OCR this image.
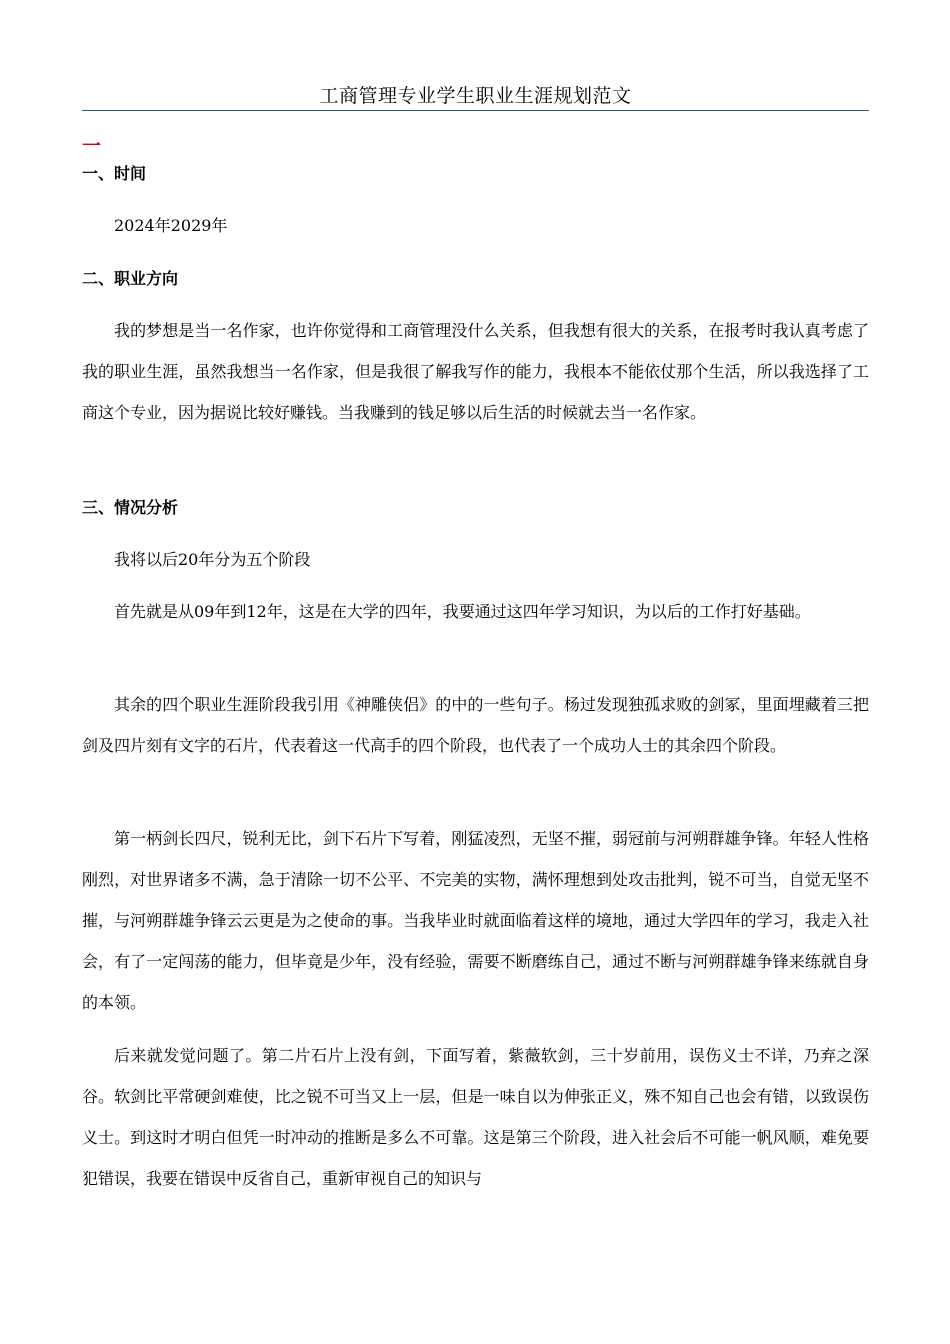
工商管理专业学生职业生涯规划范文
一
一、时间

2024年2029年

二、职业方向

我的梦想是当一名作家，也许你觉得和工商管理没什么关系，但我想有很大的关系，在报考时我认真考虑了我的职业生涯，虽然我想当一名作家，但是我很了解我写作的能力，我根本不能依仗那个生活，所以我选择了工商这个专业，因为据说比较好赚钱。当我赚到的钱足够以后生活的时候就去当一名作家。

三、情况分析

我将以后20年分为五个阶段

首先就是从09年到12年，这是在大学的四年，我要通过这四年学习知识，为以后的工作打好基础。

其余的四个职业生涯阶段我引用《神雕侠侣》的中的一些句子。杨过发现独孤求败的剑冢，里面埋藏着三把剑及四片刻有文字的石片，代表着这一代高手的四个阶段，也代表了一个成功人士的其余四个阶段。

第一柄剑长四尺，锐利无比，剑下石片下写着，刚猛凌烈，无坚不摧，弱冠前与河朔群雄争锋。年轻人性格刚烈，对世界诸多不满，急于清除一切不公平、不完美的实物，满怀理想到处攻击批判，锐不可当，自觉无坚不摧，与河朔群雄争锋云云更是为之使命的事。当我毕业时就面临着这样的境地，通过大学四年的学习，我走入社会，有了一定闯荡的能力，但毕竟是少年，没有经验，需要不断磨练自己，通过不断与河朔群雄争锋来练就自身的本领。

后来就发觉问题了。第二片石片上没有剑，下面写着，紫薇软剑，三十岁前用，误伤义士不详，乃弃之深谷。软剑比平常硬剑难使，比之锐不可当又上一层，但是一味自以为伸张正义，殊不知自己也会有错，以致误伤义士。到这时才明白但凭一时冲动的推断是多么不可靠。这是第三个阶段，进入社会后不可能一帆风顺，难免要犯错误，我要在错误中反省自己，重新审视自己的知识与
